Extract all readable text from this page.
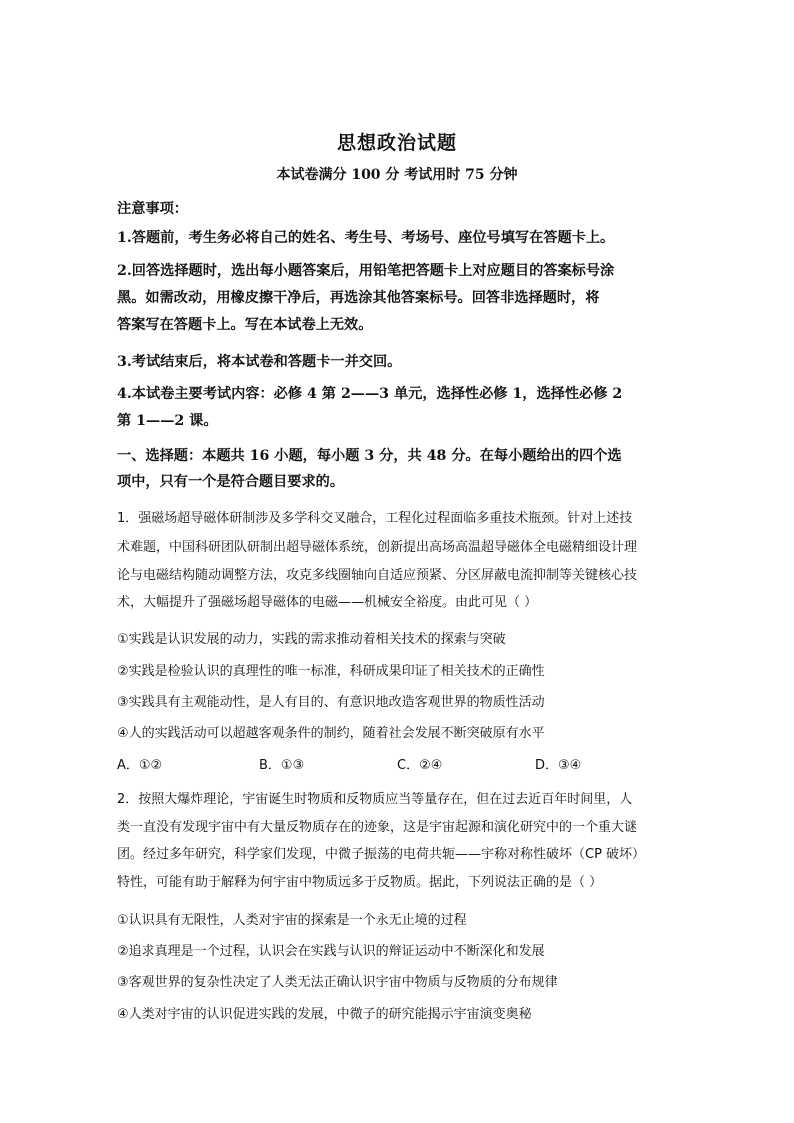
思想政治试题
本试卷满分 100 分 考试用时 75 分钟
注意事项：
1.答题前，考生务必将自己的姓名、考生号、考场号、座位号填写在答题卡上。
2.回答选择题时，选出每小题答案后，用铅笔把答题卡上对应题目的答案标号涂
黑。如需改动，用橡皮擦干净后，再选涂其他答案标号。回答非选择题时，将
答案写在答题卡上。写在本试卷上无效。
3.考试结束后，将本试卷和答题卡一并交回。
4.本试卷主要考试内容：必修 4 第 2——3 单元，选择性必修 1，选择性必修 2
第 1——2 课。
一、选择题：本题共 16 小题，每小题 3 分，共 48 分。在每小题给出的四个选
项中，只有一个是符合题目要求的。
1．强磁场超导磁体研制涉及多学科交叉融合，工程化过程面临多重技术瓶颈。针对上述技
术难题，中国科研团队研制出超导磁体系统，创新提出高场高温超导磁体全电磁精细设计理
论与电磁结构随动调整方法，攻克多线圈轴向自适应预紧、分区屏蔽电流抑制等关键核心技
术，大幅提升了强磁场超导磁体的电磁——机械安全裕度。由此可见（ ）
①实践是认识发展的动力，实践的需求推动着相关技术的探索与突破
②实践是检验认识的真理性的唯一标准，科研成果印证了相关技术的正确性
③实践具有主观能动性，是人有目的、有意识地改造客观世界的物质性活动
④人的实践活动可以超越客观条件的制约，随着社会发展不断突破原有水平
A．①②	B．①③	C．②④	D．③④
2．按照大爆炸理论，宇宙诞生时物质和反物质应当等量存在，但在过去近百年时间里，人
类一直没有发现宇宙中有大量反物质存在的迹象，这是宇宙起源和演化研究中的一个重大谜
团。经过多年研究，科学家们发现，中微子振荡的电荷共轭——宇称对称性破坏（CP 破坏）
特性，可能有助于解释为何宇宙中物质远多于反物质。据此，下列说法正确的是（ ）
①认识具有无限性，人类对宇宙的探索是一个永无止境的过程
②追求真理是一个过程，认识会在实践与认识的辩证运动中不断深化和发展
③客观世界的复杂性决定了人类无法正确认识宇宙中物质与反物质的分布规律
④人类对宇宙的认识促进实践的发展，中微子的研究能揭示宇宙演变奥秘
